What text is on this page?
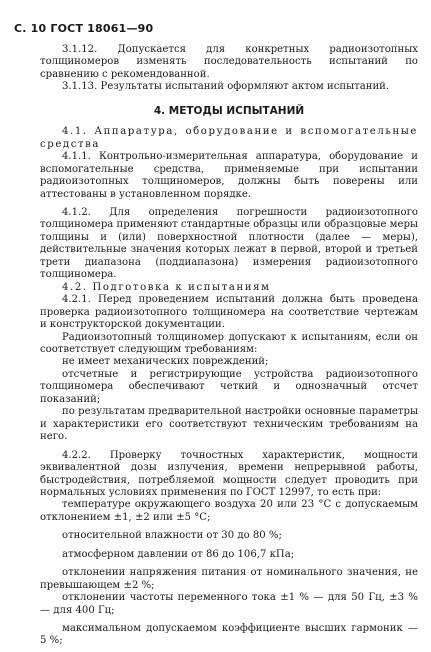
С. 10 ГОСТ 18061—90

3.1.12. Допускается для конкретных радиоизотопных толщиномеров изменять последовательность испытаний по сравнению с рекомендованной.

3.1.13. Результаты испытаний оформляют актом испытаний.

4. МЕТОДЫ ИСПЫТАНИЙ

4.1. Аппаратура, оборудование и вспомогательные средства

4.1.1. Контрольно-измерительная аппаратура, оборудование и вспомогательные средства, применяемые при испытании радиоизотопных толщиномеров, должны быть поверены или аттестованы в установленном порядке.

4.1.2. Для определения погрешности радиоизотопного толщиномера применяют стандартные образцы или образцовые меры толщины и (или) поверхностной плотности (далее — меры), действительные значения которых лежат в первой, второй и третьей трети диапазона (поддиапазона) измерения радиоизотопного толщиномера.

4.2. Подготовка к испытаниям

4.2.1. Перед проведением испытаний должна быть проведена проверка радиоизотопного толщиномера на соответствие чертежам и конструкторской документации.

Радиоизотопный толщиномер допускают к испытаниям, если он соответствует следующим требованиям:

не имеет механических повреждений;

отсчетные и регистрирующие устройства радиоизотопного толщиномера обеспечивают четкий и однозначный отсчет показаний;

по результатам предварительной настройки основные параметры и характеристики его соответствуют техническим требованиям на него.

4.2.2. Проверку точностных характеристик, мощности эквивалентной дозы излучения, времени непрерывной работы, быстродействия, потребляемой мощности следует проводить при нормальных условиях применения по ГОСТ 12997, то есть при:

температуре окружающего воздуха 20 или 23 °С с допускаемым отклонением ±1, ±2 или ±5 °С;

относительной влажности от 30 до 80 %;

атмосферном давлении от 86 до 106,7 кПа;

отклонении напряжения питания от номинального значения, не превышающем ±2 %;

отклонении частоты переменного тока ±1 % — для 50 Гц, ±3 % — для 400 Гц;

максимальном допускаемом коэффициенте высших гармоник — 5 %;
